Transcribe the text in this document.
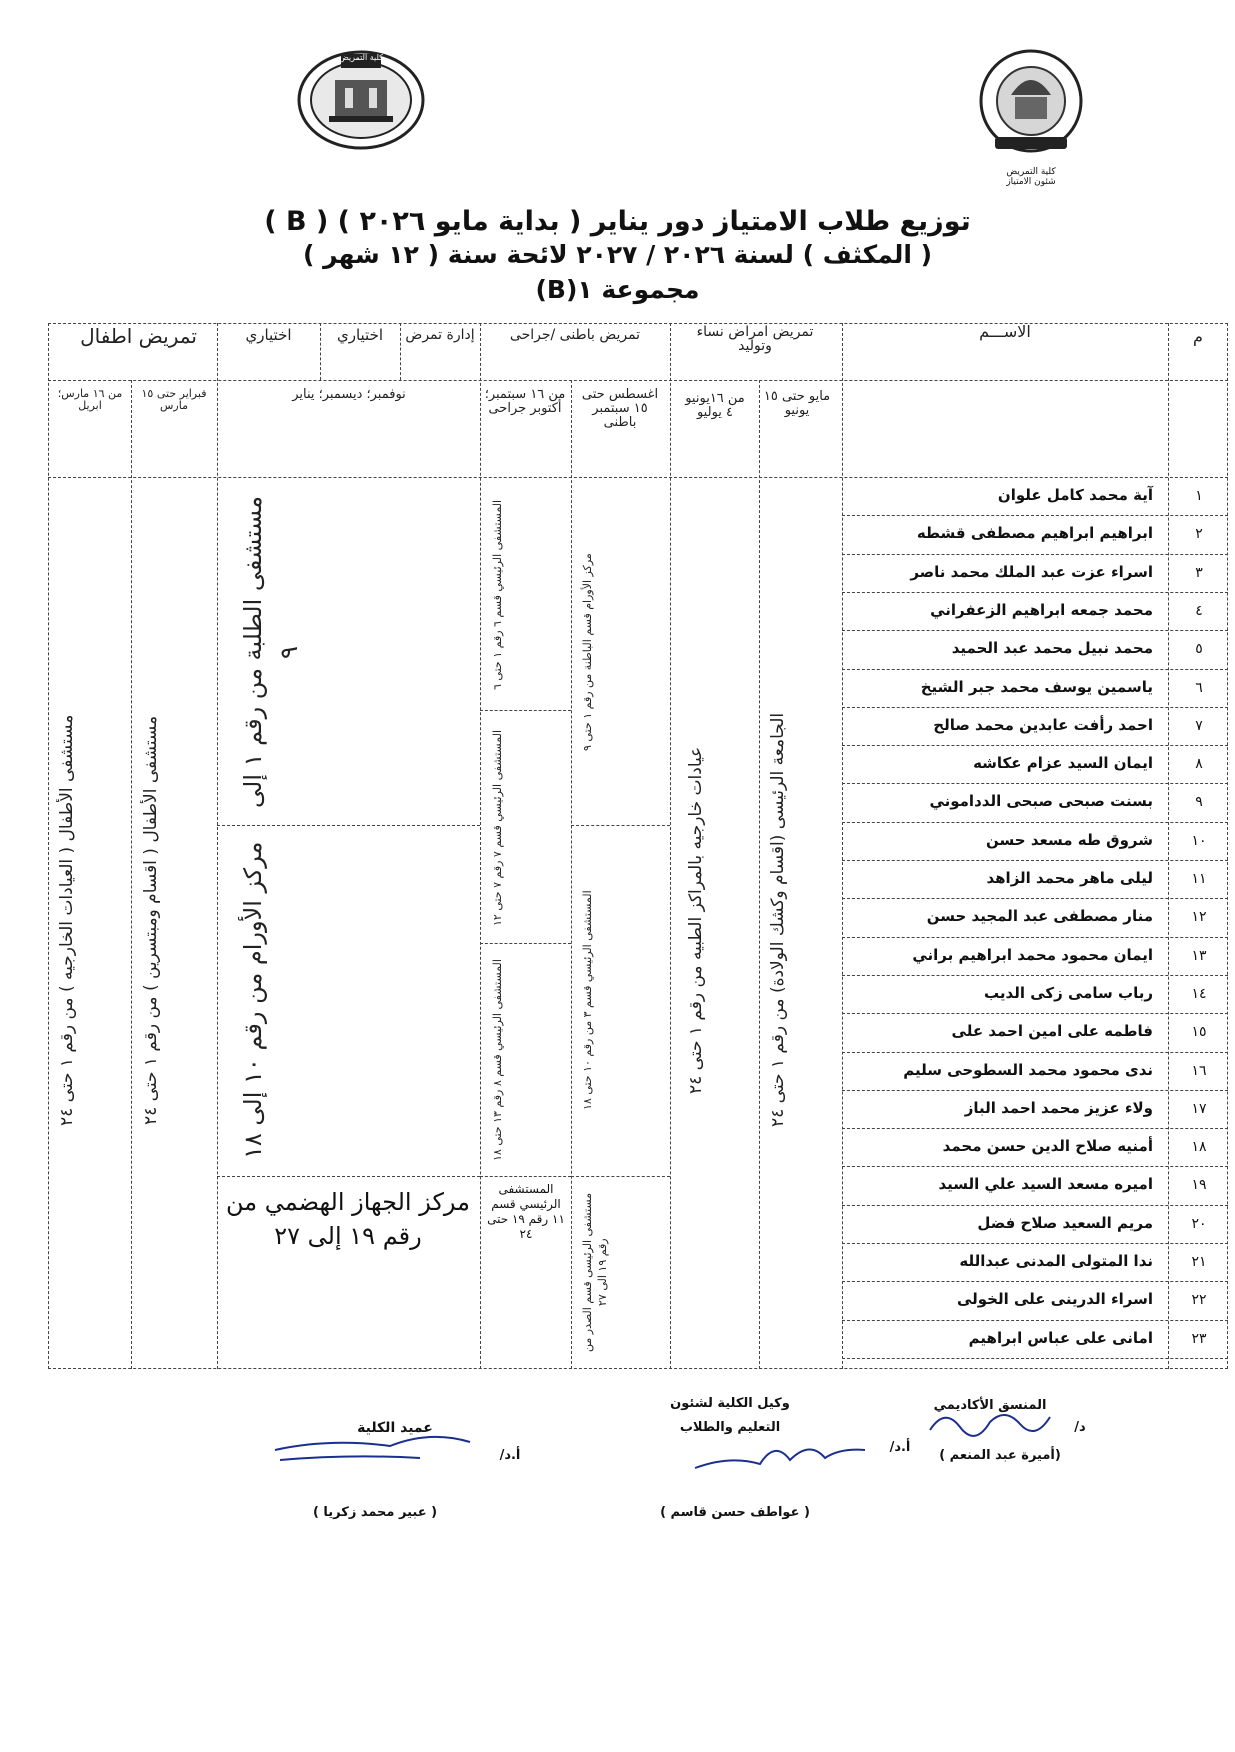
كلية التمريض
كلية التمريض شئون الامتياز
توزيع طلاب الامتياز دور يناير ( بداية مايو ٢٠٢٦ ) ( B )
( المكثف ) لسنة ٢٠٢٦ / ٢٠٢٧ لائحة سنة ( ١٢ شهر )
مجموعة ١(B)
م
الاســـم
تمريض امراض نساء وتوليد
تمريض باطنى /جراحى
إدارة تمرض
اختياري
اختياري
تمريض اطفال
مايو حتى ١٥ يونيو
من ١٦يونيو ٤ يوليو
اغسطس حتى ١٥ سبتمبر باطنى
من ١٦ سبتمبر؛ أكتوبر جراحى
نوفمبر؛ ديسمبر؛ يناير
فبراير حتى ١٥ مارس
من ١٦ مارس؛ ابريل
الجامعة الرئيسى (اقسام وكشك الولادة) من رقم ١ حتى ٢٤
عيادات خارجيه بالمراكز الطبيه من رقم ١ حتى ٢٤
مركز الأورام قسم الباطنة من رقم ١ حتى ٩
المستشفى الرئيسي قسم ٣ من رقم ١٠ حتى ١٨
مستشفى الرئيسى قسم الصدر من رقم ١٩ الى ٢٧
المستشفى الرئيسي قسم ٦ رقم ١ حتى ٦
المستشفى الرئيسي قسم ٧ رقم ٧ حتى ١٢
المستشفى الرئيسي قسم ٨ رقم ١٣ حتى ١٨
المستشفى الرئيسي قسم ١١ رقم ١٩ حتى ٢٤
مستشفى الطلبة من رقم ١ إلى ٩
مركز الأورام من رقم ١٠ إلى ١٨
مركز الجهاز الهضمي من رقم ١٩ إلى ٢٧
مستشفى الأطفال ( اقسام ومبتسرين ) من رقم ١ حتى ٢٤
مستشفى الأطفال ( العيادات الخارجيه ) من رقم ١ حتى ٢٤
١
آية محمد كامل علوان
٢
ابراهيم ابراهيم مصطفى قشطه
٣
اسراء عزت عبد الملك محمد ناصر
٤
محمد جمعه ابراهيم الزعفراني
٥
محمد نبيل محمد عبد الحميد
٦
ياسمين يوسف محمد جبر الشيخ
٧
احمد رأفت عابدين محمد صالح
٨
ايمان السيد عزام عكاشه
٩
بسنت صبحى صبحى الدداموني
١٠
شروق طه مسعد حسن
١١
ليلى ماهر محمد الزاهد
١٢
منار مصطفى عبد المجيد حسن
١٣
ايمان محمود محمد ابراهيم براني
١٤
رباب سامى زكى الديب
١٥
فاطمه على امين احمد على
١٦
ندى محمود محمد السطوحى سليم
١٧
ولاء عزيز محمد احمد الباز
١٨
أمنيه صلاح الدين حسن محمد
١٩
اميره مسعد السيد علي السيد
٢٠
مريم السعيد صلاح فضل
٢١
ندا المتولى المدنى عبدالله
٢٢
اسراء الدرينى على الخولى
٢٣
امانى على عباس ابراهيم
المنسق الأكاديمي
د/
(أميرة عبد المنعم )
وكيل الكلية لشئون
التعليم والطلاب
أ.د/
( عواطف حسن قاسم )
عميد الكلية
أ.د/
( عبير محمد زكريا )
